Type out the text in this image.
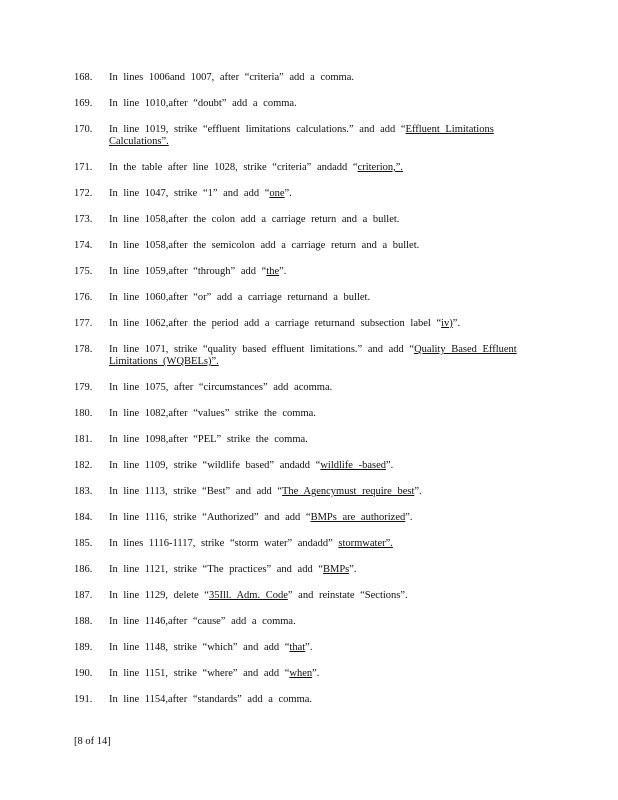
168.	In lines 1006and 1007, after “criteria” add a comma.
169.	In line 1010,after “doubt” add a comma.
170.	In line 1019, strike “effluent limitations calculations.” and add “Effluent Limitations Calculations”.
171.	In the table after line 1028, strike “criteria” andadd “criterion,”.
172.	In line 1047, strike “1” and add “one”.
173.	In line 1058,after the colon add a carriage return and a bullet.
174.	In line 1058,after the semicolon add a carriage return and a bullet.
175.	In line 1059,after “through” add “the”.
176.	In line 1060,after “or” add a carriage returnand a bullet.
177.	In line 1062,after the period add a carriage returnand subsection label “iv)”.
178.	In line 1071, strike “quality based effluent limitations.” and add “Quality Based Effluent Limitations (WQBELs)”.
179.	In line 1075, after “circumstances” add acomma.
180.	In line 1082,after “values” strike the comma.
181.	In line 1098,after “PEL” strike the comma.
182.	In line 1109, strike “wildlife based” andadd “wildlife -based”.
183.	In line 1113, strike “Best” and add “The Agencymust require best”.
184.	In line 1116, strike “Authorized” and add “BMPs are authorized”.
185.	In lines 1116-1117, strike “storm water” andadd” stormwater”.
186.	In line 1121, strike “The practices” and add “BMPs”.
187.	In line 1129, delete “35Ill. Adm. Code” and reinstate “Sections”.
188.	In line 1146,after “cause” add a comma.
189.	In line 1148, strike “which” and add “that”.
190.	In line 1151, strike “where” and add “when”.
191.	In line 1154,after “standards” add a comma.
[8 of 14]
